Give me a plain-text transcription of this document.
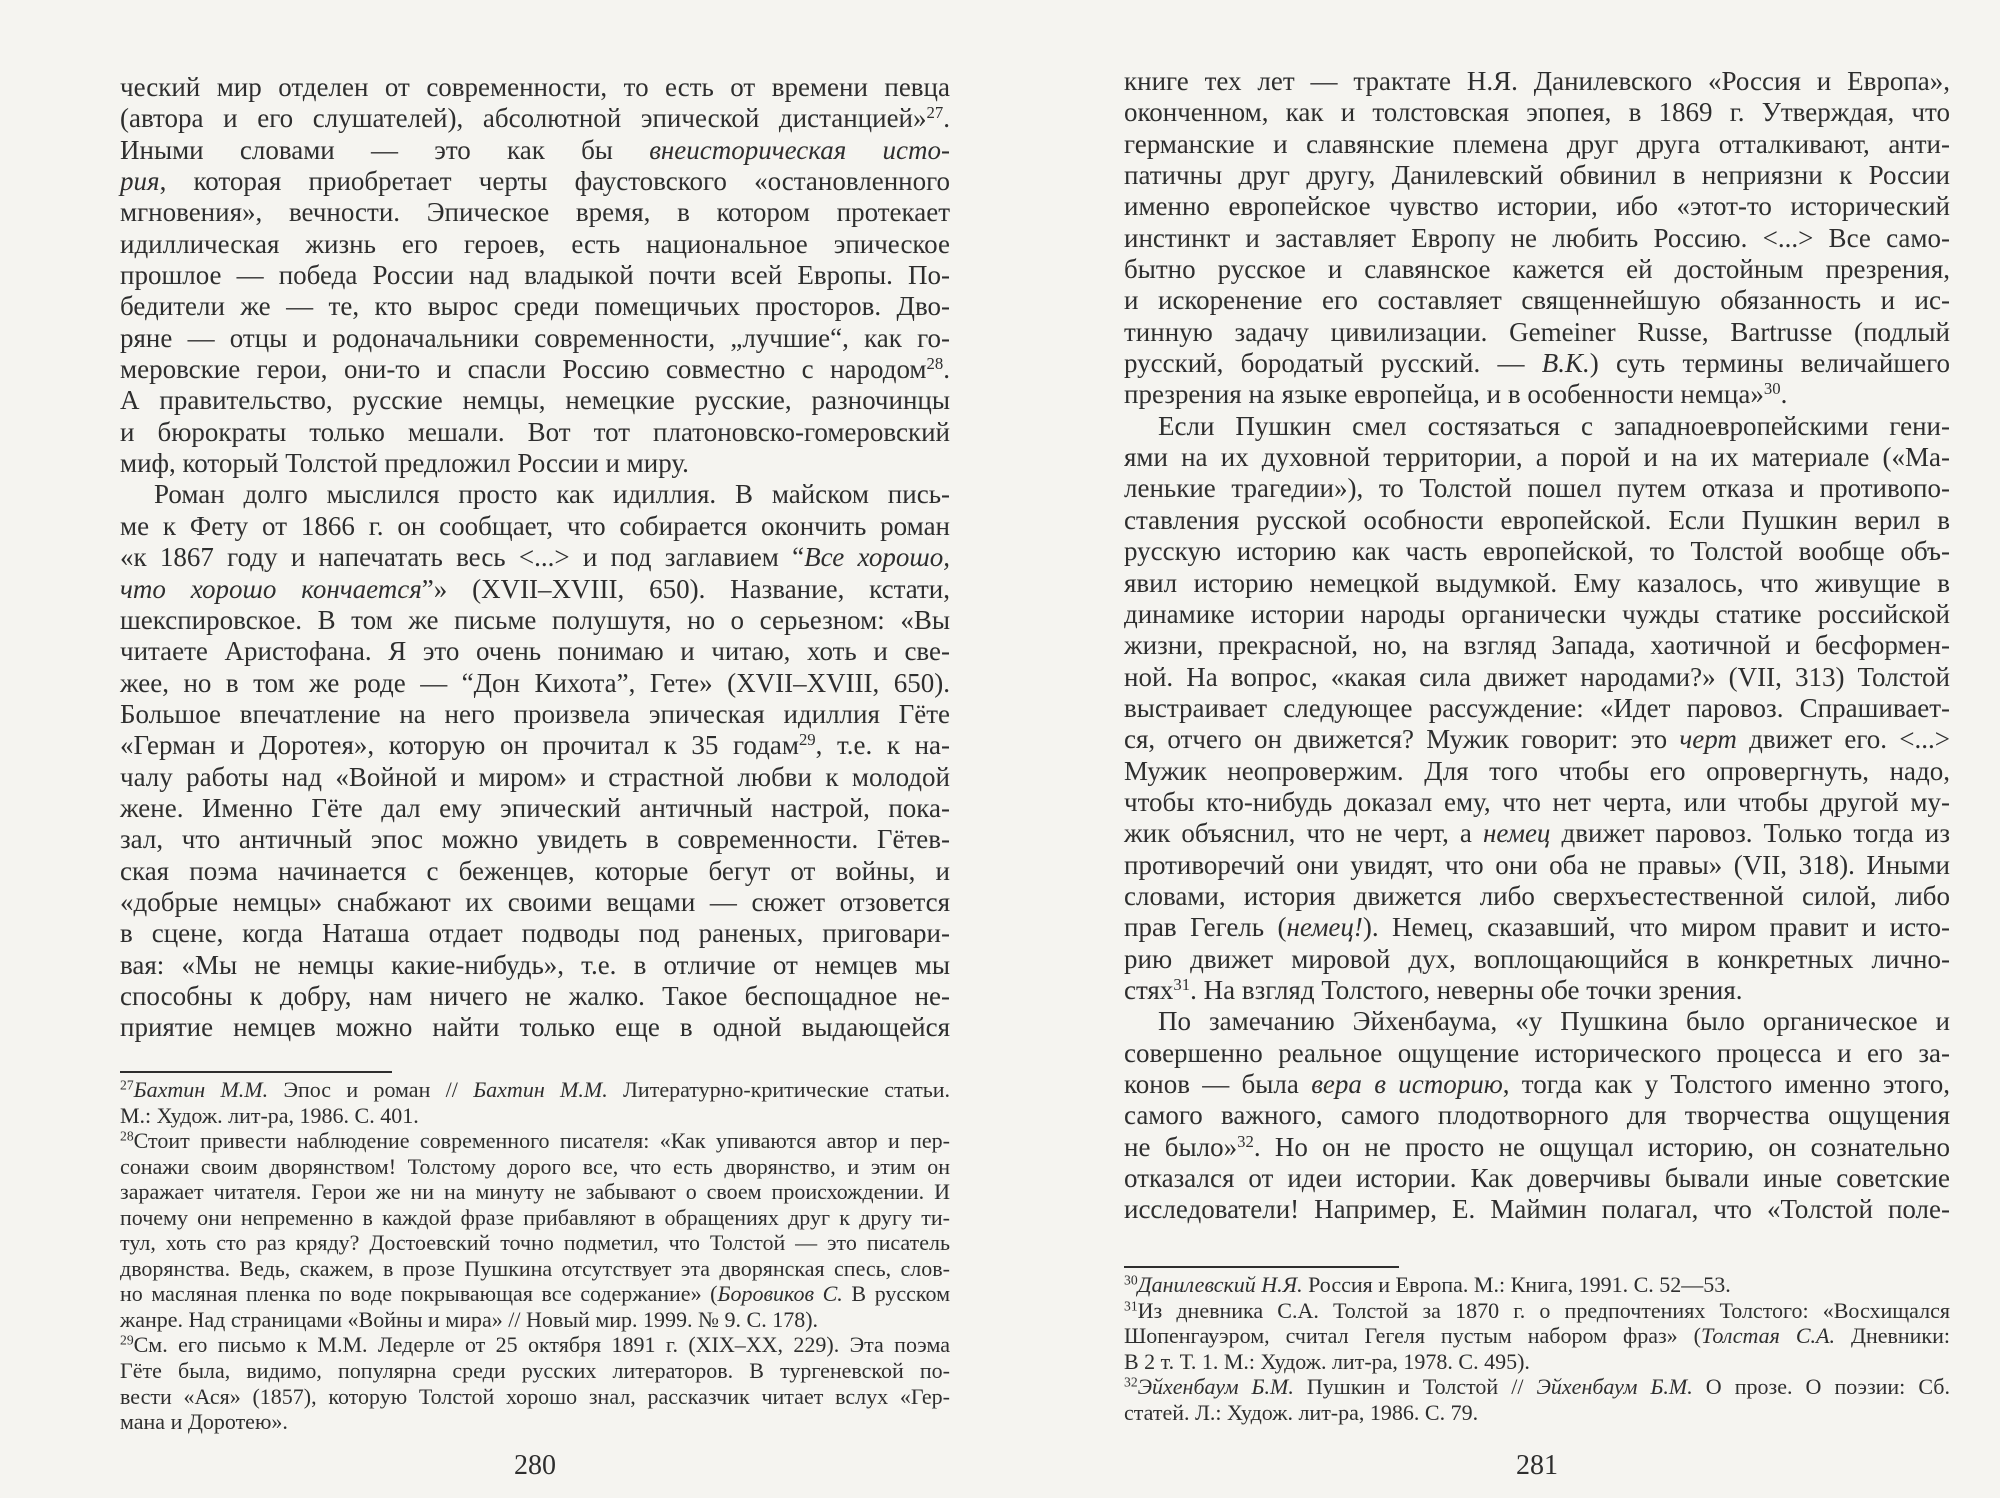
ческий мир отделен от современности, то есть от времени певца
(автора и его слушателей), абсолютной эпической дистанцией»$^{27}$.
Иными словами — это как бы внеисторическая исто-
рия, которая приобретает черты фаустовского «остановленного
мгновения», вечности. Эпическое время, в котором протекает
идиллическая жизнь его героев, есть национальное эпическое
прошлое — победа России над владыкой почти всей Европы. По-
бедители же — те, кто вырос среди помещичьих просторов. Дво-
ряне — отцы и родоначальники современности, „лучшие“, как го-
меровские герои, они-то и спасли Россию совместно с народом$^{28}$.
А правительство, русские немцы, немецкие русские, разночинцы
и бюрократы только мешали. Вот тот платоновско-гомеровский
миф, который Толстой предложил России и миру.
Роман долго мыслился просто как идиллия. В майском пись-
ме к Фету от 1866 г. он сообщает, что собирается окончить роман
«к 1867 году и напечатать весь <...> и под заглавием “Все хорошо,
что хорошо кончается”» (XVII–XVIII, 650). Название, кстати,
шекспировское. В том же письме полушутя, но о серьезном: «Вы
читаете Аристофана. Я это очень понимаю и читаю, хоть и све-
жее, но в том же роде — “Дон Кихота”, Гете» (XVII–XVIII, 650).
Большое впечатление на него произвела эпическая идиллия Гёте
«Герман и Доротея», которую он прочитал к 35 годам$^{29}$, т.е. к на-
чалу работы над «Войной и миром» и страстной любви к молодой
жене. Именно Гёте дал ему эпический античный настрой, пока-
зал, что античный эпос можно увидеть в современности. Гётев-
ская поэма начинается с беженцев, которые бегут от войны, и
«добрые немцы» снабжают их своими вещами — сюжет отзовется
в сцене, когда Наташа отдает подводы под раненых, приговари-
вая: «Мы не немцы какие-нибудь», т.е. в отличие от немцев мы
способны к добру, нам ничего не жалко. Такое беспощадное не-
приятие немцев можно найти только еще в одной выдающейся
$^{27}$Бахтин М.М. Эпос и роман // Бахтин М.М. Литературно-критические статьи.
М.: Худож. лит-ра, 1986. С. 401.
$^{28}$Стоит привести наблюдение современного писателя: «Как упиваются автор и пер-
сонажи своим дворянством! Толстому дорого все, что есть дворянство, и этим он
заражает читателя. Герои же ни на минуту не забывают о своем происхождении. И
почему они непременно в каждой фразе прибавляют в обращениях друг к другу ти-
тул, хоть сто раз кряду? Достоевский точно подметил, что Толстой — это писатель
дворянства. Ведь, скажем, в прозе Пушкина отсутствует эта дворянская спесь, слов-
но масляная пленка по воде покрывающая все содержание» (Боровиков С. В русском
жанре. Над страницами «Войны и мира» // Новый мир. 1999. № 9. С. 178).
$^{29}$См. его письмо к М.М. Ледерле от 25 октября 1891 г. (XIX–XX, 229). Эта поэма
Гёте была, видимо, популярна среди русских литераторов. В тургеневской по-
вести «Ася» (1857), которую Толстой хорошо знал, рассказчик читает вслух «Гер-
мана и Доротею».
280
книге тех лет — трактате Н.Я. Данилевского «Россия и Европа»,
оконченном, как и толстовская эпопея, в 1869 г. Утверждая, что
германские и славянские племена друг друга отталкивают, анти-
патичны друг другу, Данилевский обвинил в неприязни к России
именно европейское чувство истории, ибо «этот-то исторический
инстинкт и заставляет Европу не любить Россию. <...> Все само-
бытно русское и славянское кажется ей достойным презрения,
и искоренение его составляет священнейшую обязанность и ис-
тинную задачу цивилизации. Gemeiner Russe, Bartrusse (подлый
русский, бородатый русский. — В.К.) суть термины величайшего
презрения на языке европейца, и в особенности немца»$^{30}$.
Если Пушкин смел состязаться с западноевропейскими гени-
ями на их духовной территории, а порой и на их материале («Ма-
ленькие трагедии»), то Толстой пошел путем отказа и противопо-
ставления русской особности европейской. Если Пушкин верил в
русскую историю как часть европейской, то Толстой вообще объ-
явил историю немецкой выдумкой. Ему казалось, что живущие в
динамике истории народы органически чужды статике российской
жизни, прекрасной, но, на взгляд Запада, хаотичной и бесформен-
ной. На вопрос, «какая сила движет народами?» (VII, 313) Толстой
выстраивает следующее рассуждение: «Идет паровоз. Спрашивает-
ся, отчего он движется? Мужик говорит: это черт движет его. <...>
Мужик неопровержим. Для того чтобы его опровергнуть, надо,
чтобы кто-нибудь доказал ему, что нет черта, или чтобы другой му-
жик объяснил, что не черт, а немец движет паровоз. Только тогда из
противоречий они увидят, что они оба не правы» (VII, 318). Иными
словами, история движется либо сверхъестественной силой, либо
прав Гегель (немец!). Немец, сказавший, что миром правит и исто-
рию движет мировой дух, воплощающийся в конкретных лично-
стях$^{31}$. На взгляд Толстого, неверны обе точки зрения.
По замечанию Эйхенбаума, «у Пушкина было органическое и
совершенно реальное ощущение исторического процесса и его за-
конов — была вера в историю, тогда как у Толстого именно этого,
самого важного, самого плодотворного для творчества ощущения
не было»$^{32}$. Но он не просто не ощущал историю, он сознательно
отказался от идеи истории. Как доверчивы бывали иные советские
исследователи! Например, Е. Маймин полагал, что «Толстой поле-
$^{30}$Данилевский Н.Я. Россия и Европа. М.: Книга, 1991. С. 52—53.
$^{31}$Из дневника С.А. Толстой за 1870 г. о предпочтениях Толстого: «Восхищался
Шопенгауэром, считал Гегеля пустым набором фраз» (Толстая С.А. Дневники:
В 2 т. Т. 1. М.: Худож. лит-ра, 1978. С. 495).
$^{32}$Эйхенбаум Б.М. Пушкин и Толстой // Эйхенбаум Б.М. О прозе. О поэзии: Сб.
статей. Л.: Худож. лит-ра, 1986. С. 79.
281
